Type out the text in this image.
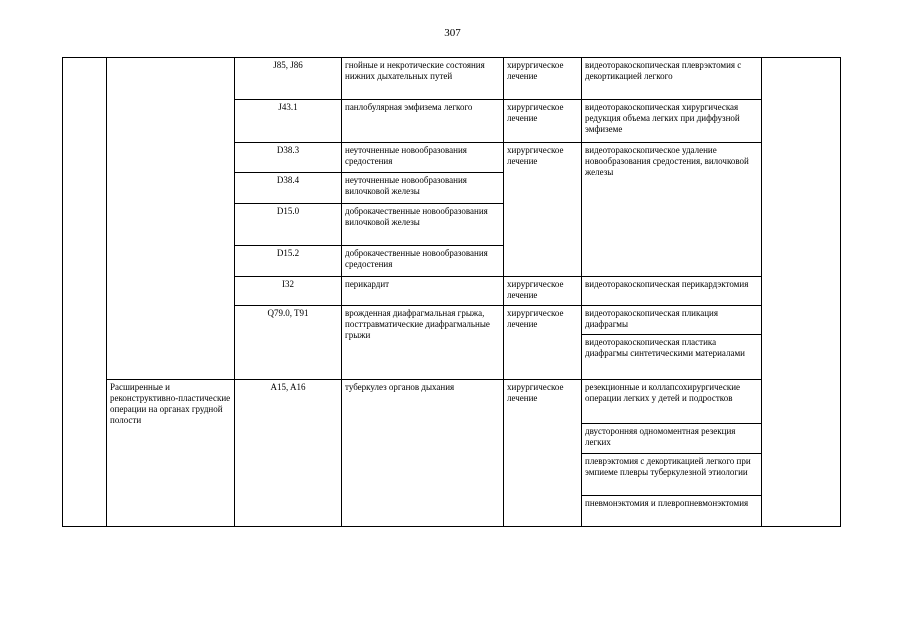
307
		J85, J86	гнойные и некротические состояния нижних дыхательных путей	хирургическое лечение	видеоторакоскопическая плеврэктомия с декортикацией легкого	
		J43.1	панлобулярная эмфизема легкого	хирургическое лечение	видеоторакоскопическая хирургическая редукция объема легких при диффузной эмфиземе	
		D38.3	неуточненные новообразования средостения	хирургическое лечение	видеоторакоскопическое удаление новообразования средостения, вилочковой железы	
		D38.4	неуточненные новообразования вилочковой железы			
		D15.0	доброкачественные новообразования вилочковой железы			
		D15.2	доброкачественные новообразования средостения			
		I32	перикардит	хирургическое лечение	видеоторакоскопическая перикардэктомия	
		Q79.0, T91	врожденная диафрагмальная грыжа, посттравматические диафрагмальные грыжи	хирургическое лечение	видеоторакоскопическая пликация диафрагмы	
					видеоторакоскопическая пластика диафрагмы синтетическими материалами	
	Расширенные и реконструктивно-пластические операции на органах грудной полости	A15, A16	туберкулез органов дыхания	хирургическое лечение	резекционные и коллапсохирургические операции легких у детей и подростков	
					двусторонняя одномоментная резекция легких	
					плеврэктомия с декортикацией легкого при эмпиеме плевры туберкулезной этиологии	
					пневмонэктомия и плевропневмонэктомия	
